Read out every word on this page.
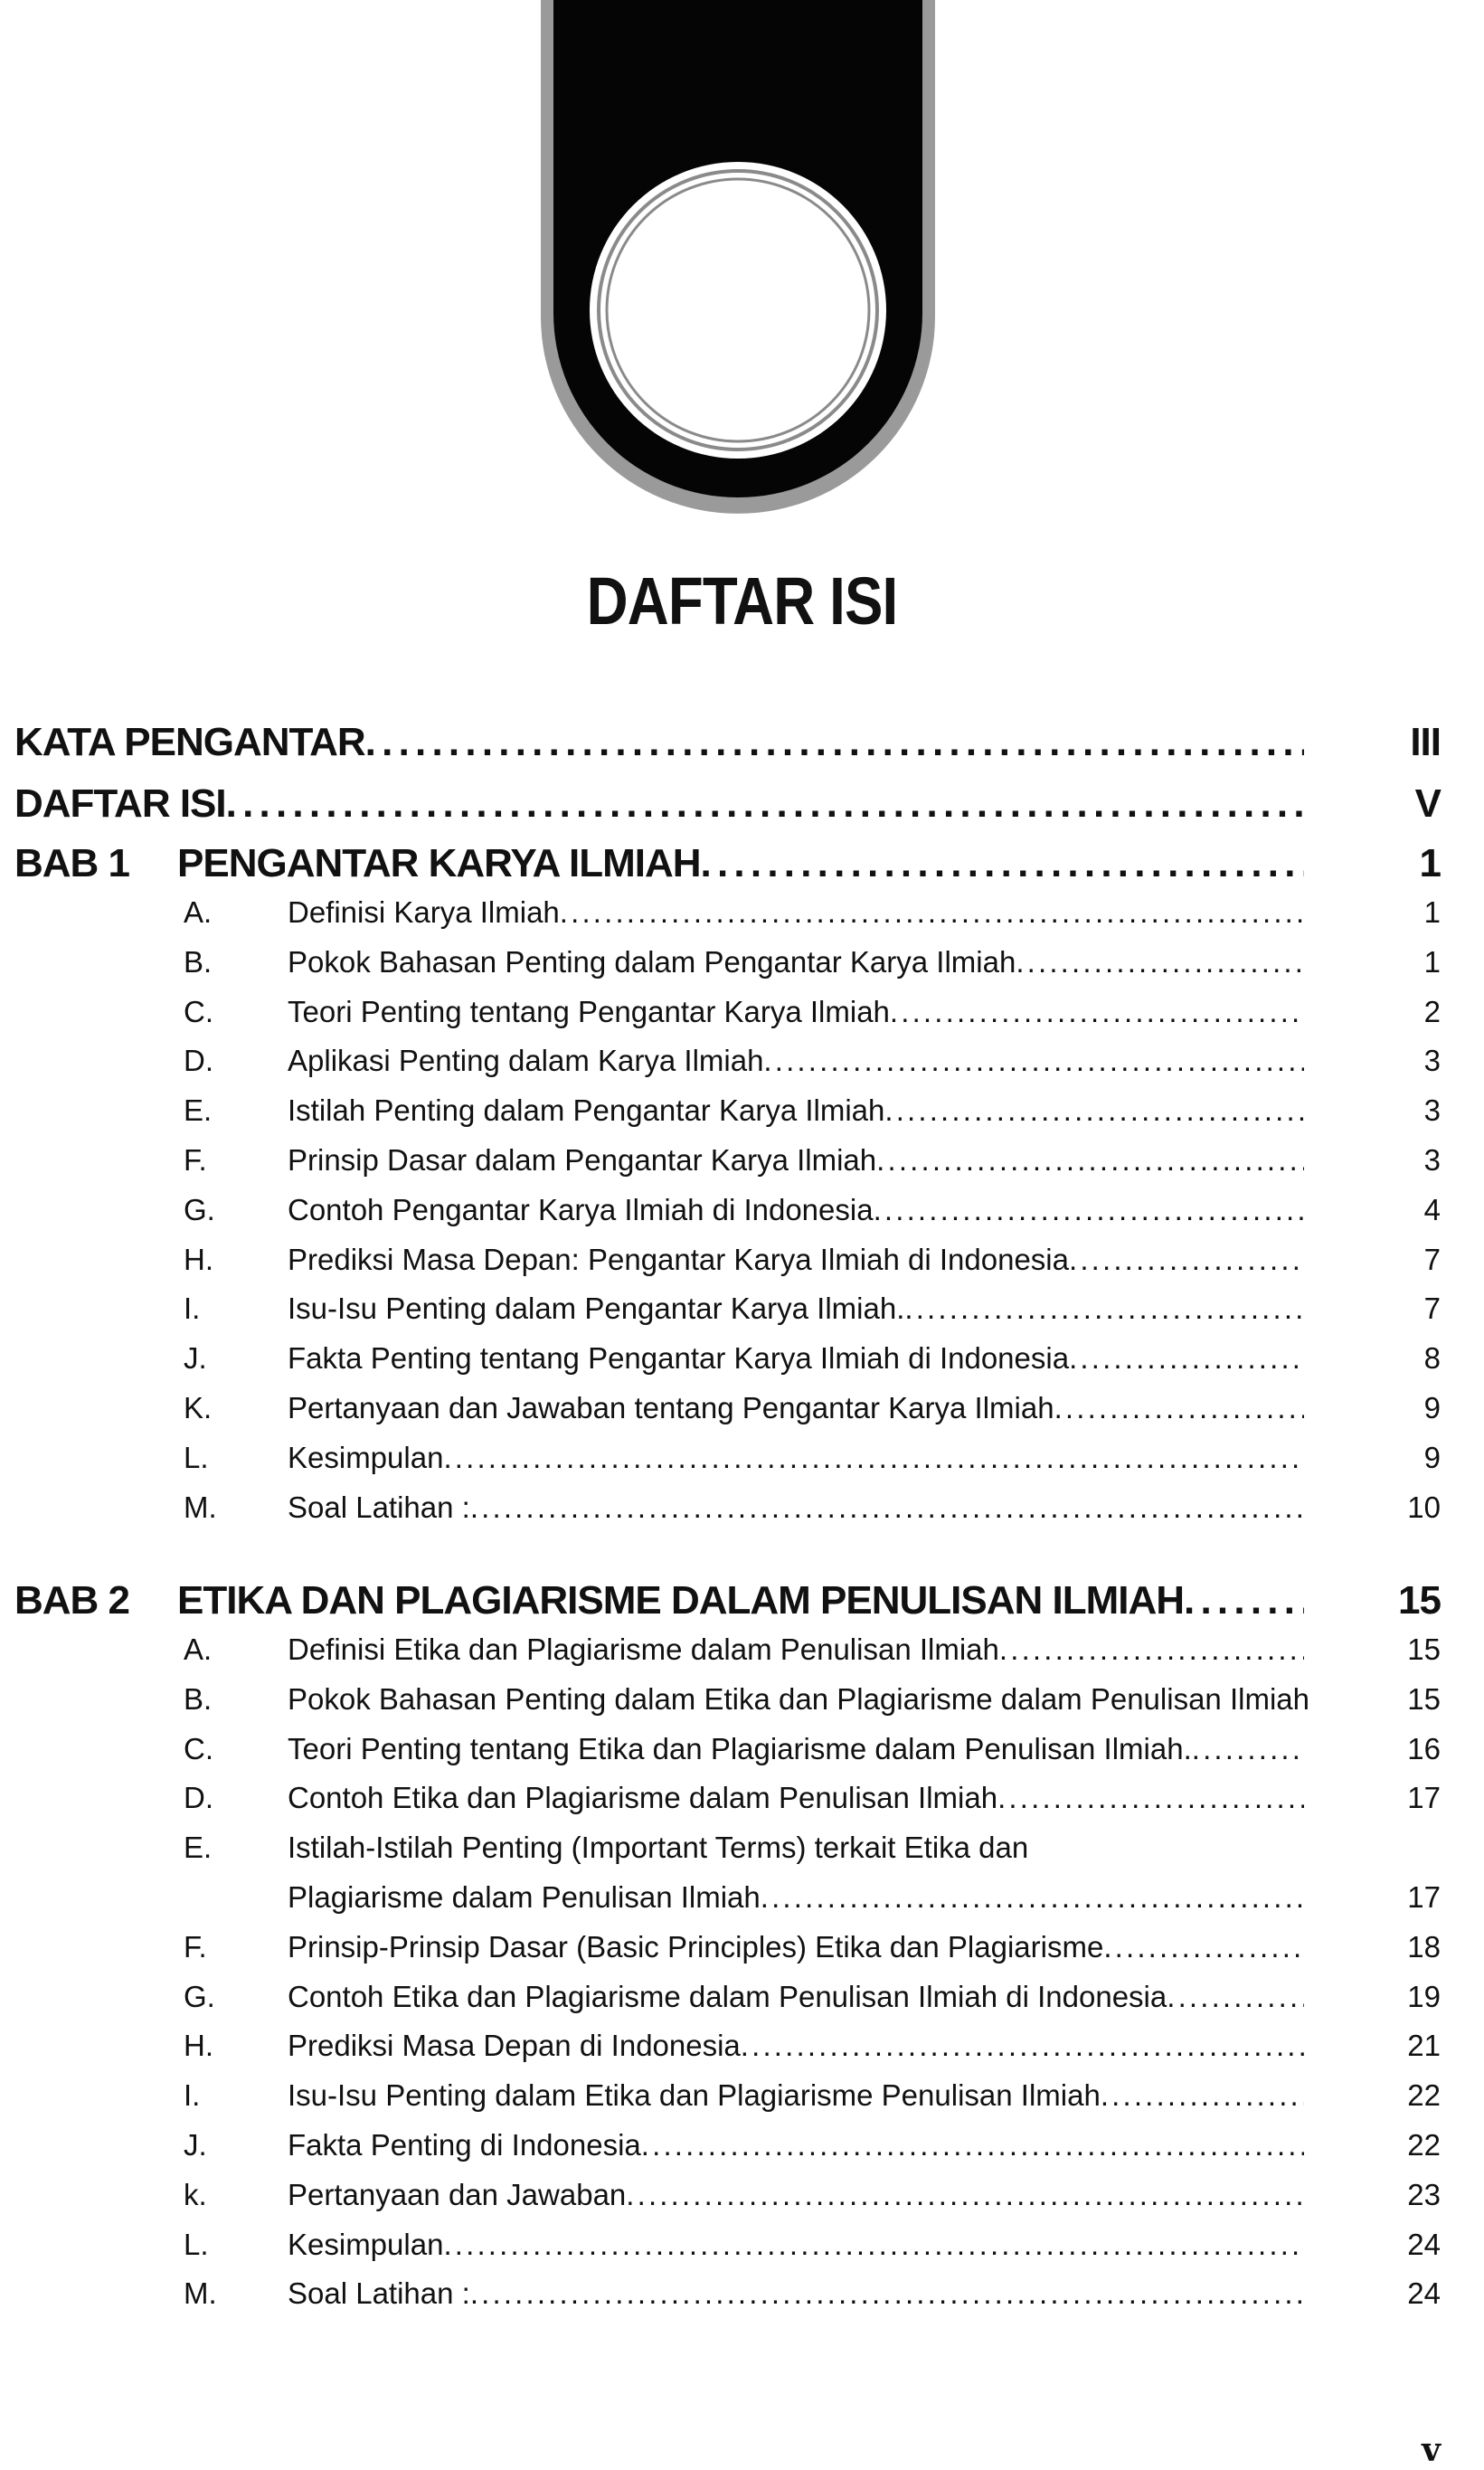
DAFTAR ISI
KATA PENGANTAR . . .	III
DAFTAR ISI . . .	V
BAB 1 PENGANTAR KARYA ILMIAH . . .	1
A.	Definisi Karya Ilmiah . . .	1
B.	Pokok Bahasan Penting dalam Pengantar Karya Ilmiah . . .	1
C. Teori Penting tentang Pengantar Karya Ilmiah . . .	2
D. Aplikasi Penting dalam Karya Ilmiah . . .	3
E.	Istilah Penting dalam Pengantar Karya Ilmiah . . .	3
F.	Prinsip Dasar dalam Pengantar Karya Ilmiah . . .	3
G. Contoh Pengantar Karya Ilmiah di Indonesia . . .	4
H. Prediksi Masa Depan: Pengantar Karya Ilmiah di Indonesia . . .	7
I.	Isu-Isu Penting dalam Pengantar Karya Ilmiah. . . .	7
J.	Fakta Penting tentang Pengantar Karya Ilmiah di Indonesia . . .	8
K.	Pertanyaan dan Jawaban tentang Pengantar Karya Ilmiah . . .	9
L.	Kesimpulan . . .	9
M. Soal Latihan : . . .	10
BAB 2 ETIKA DAN PLAGIARISME DALAM PENULISAN ILMIAH . . .	15
A.	Definisi Etika dan Plagiarisme dalam Penulisan Ilmiah . . .	15
B.	Pokok Bahasan Penting dalam Etika dan Plagiarisme dalam Penulisan Ilmiah	15
C. Teori Penting tentang Etika dan Plagiarisme dalam Penulisan Ilmiah. . . .	16
D. Contoh Etika dan Plagiarisme dalam Penulisan Ilmiah . . .	17
E.	Istilah-Istilah Penting (Important Terms) terkait Etika dan
Plagiarisme dalam Penulisan Ilmiah . . .	17
F.	Prinsip-Prinsip Dasar (Basic Principles) Etika dan Plagiarisme . . .	18
G. Contoh Etika dan Plagiarisme dalam Penulisan Ilmiah di Indonesia . . .	19
H. Prediksi Masa Depan di Indonesia . . .	21
I.	Isu-Isu Penting dalam Etika dan Plagiarisme Penulisan Ilmiah . . .	22
J.	Fakta Penting di Indonesia . . .	22
k.	Pertanyaan dan Jawaban . . .	23
L.	Kesimpulan . . .	24
M. Soal Latihan : . . .	24
v
